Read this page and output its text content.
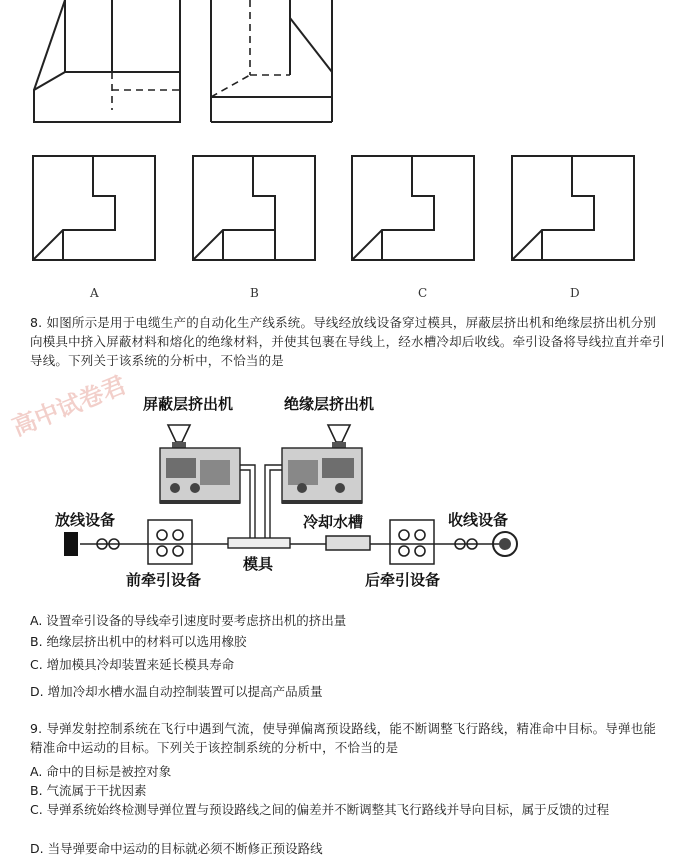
A	B	C	D
8. 如图所示是用于电缆生产的自动化生产线系统。导线经放线设备穿过模具，屏蔽层挤出机和绝缘层挤出机分别向模具中挤入屏蔽材料和熔化的绝缘材料，并使其包裹在导线上，经水槽冷却后收线。牵引设备将导线拉直并牵引导线。下列关于该系统的分析中，不恰当的是
高中试卷君 屏蔽层挤出机	绝缘层挤出机
放线设备	冷却水槽	收线设备
模具
前牵引设备	后牵引设备
A. 设置牵引设备的导线牵引速度时要考虑挤出机的挤出量
B. 绝缘层挤出机中的材料可以选用橡胶
C. 增加模具冷却装置来延长模具寿命
D. 增加冷却水槽水温自动控制装置可以提高产品质量
9. 导弹发射控制系统在飞行中遇到气流，使导弹偏离预设路线，能不断调整飞行路线，精准命中目标。导弹也能精准命中运动的目标。下列关于该控制系统的分析中，不恰当的是
A. 命中的目标是被控对象
B. 气流属于干扰因素
C. 导弹系统始终检测导弹位置与预设路线之间的偏差并不断调整其飞行路线并导向目标，属于反馈的过程
D. 当导弹要命中运动的目标就必须不断修正预设路线
